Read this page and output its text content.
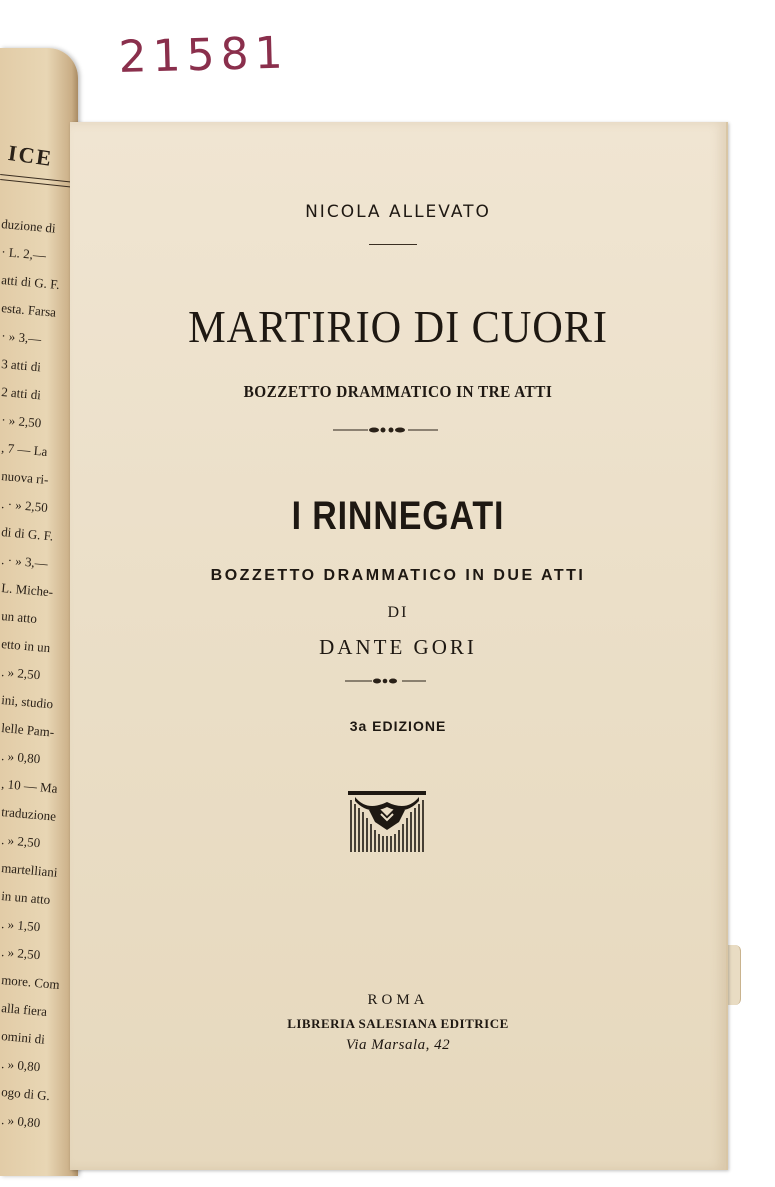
21581
ICE
duzione di
· L. 2,—
atti di G. F.
esta. Farsa
· » 3,—
3 atti di
2 atti di
· » 2,50
, 7 — La
nuova ri-
. · » 2,50
di di G. F.
. · » 3,—
L. Miche-
un atto
etto in un
. » 2,50
ini, studio
lelle Pam-
. » 0,80
, 10 — Ma
traduzione
. » 2,50
martelliani
in un atto
. » 1,50
. » 2,50
more. Com
alla fiera
omini di
. » 0,80
ogo di G.
. » 0,80
NICOLA ALLEVATO
MARTIRIO DI CUORI
BOZZETTO DRAMMATICO IN TRE ATTI
I RINNEGATI
BOZZETTO DRAMMATICO IN DUE ATTI
DI
DANTE GORI
3a EDIZIONE
ROMA
LIBRERIA SALESIANA EDITRICE
Via Marsala, 42
